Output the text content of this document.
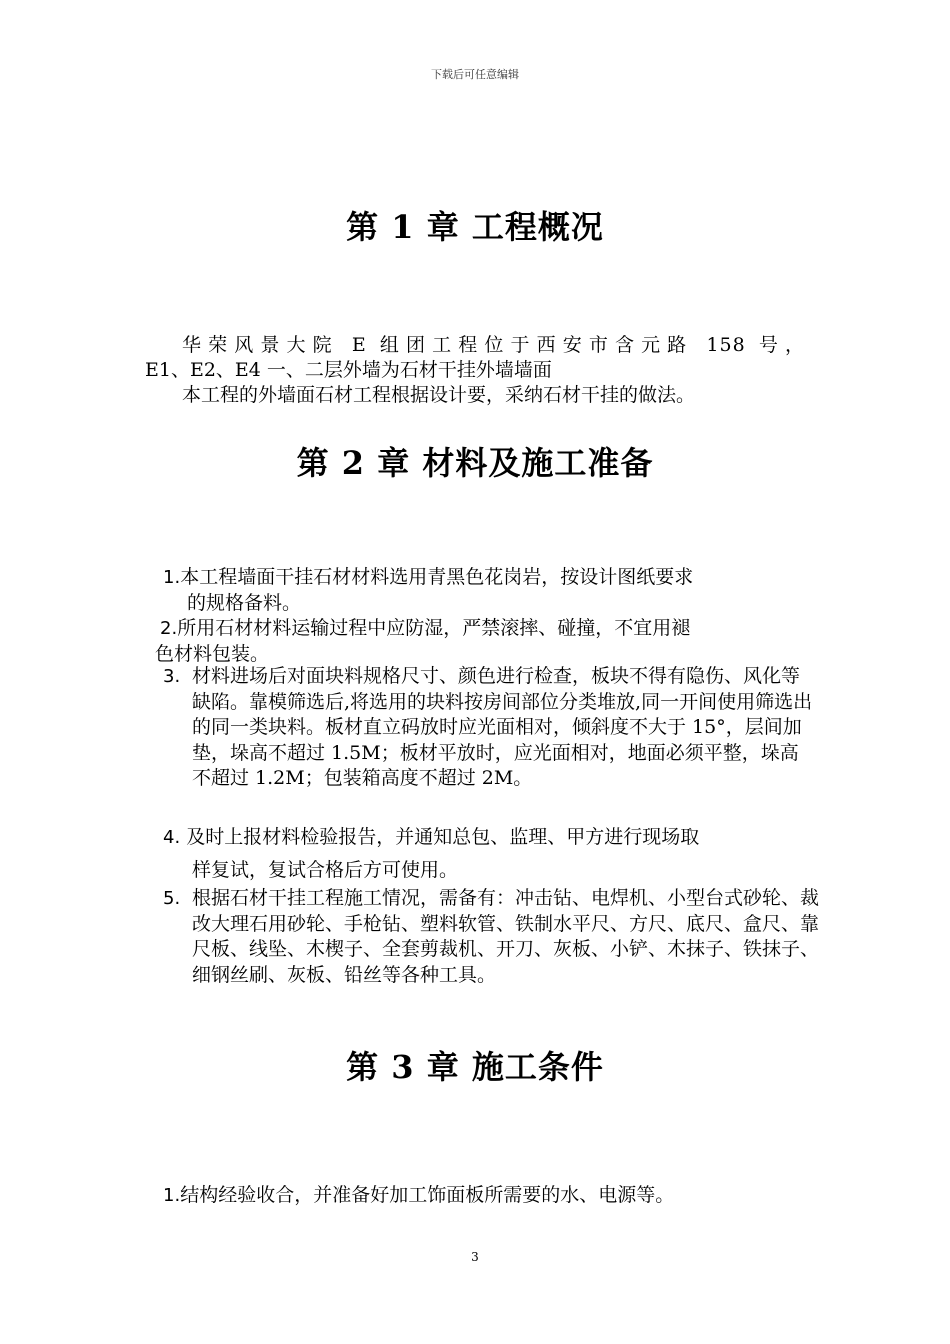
下载后可任意编辑
第 1 章 工程概况
华荣风景大院 E 组团工程位于西安市含元路 158 号，
E1、E2、E4 一、二层外墙为石材干挂外墙墙面
本工程的外墙面石材工程根据设计要，采纳石材干挂的做法。
第 2 章 材料及施工准备
1.本工程墙面干挂石材材料选用青黑色花岗岩，按设计图纸要求
的规格备料。
2.所用石材材料运输过程中应防湿，严禁滚摔、碰撞，不宜用褪
色材料包装。
3. 材料进场后对面块料规格尺寸、颜色进行检查，板块不得有隐伤、风化等缺陷。靠模筛选后,将选用的块料按房间部位分类堆放,同一开间使用筛选出的同一类块料。板材直立码放时应光面相对，倾斜度不大于 15°，层间加垫，垛高不超过 1.5M；板材平放时，应光面相对，地面必须平整，垛高不超过 1.2M；包装箱高度不超过 2M。
4. 及时上报材料检验报告，并通知总包、监理、甲方进行现场取
样复试，复试合格后方可使用。
5. 根据石材干挂工程施工情况，需备有：冲击钻、电焊机、小型台式砂轮、裁改大理石用砂轮、手枪钻、塑料软管、铁制水平尺、方尺、底尺、盒尺、靠尺板、线坠、木楔子、全套剪裁机、开刀、灰板、小铲、木抹子、铁抹子、细钢丝刷、灰板、铅丝等各种工具。
第 3 章 施工条件
1.结构经验收合，并准备好加工饰面板所需要的水、电源等。
3
